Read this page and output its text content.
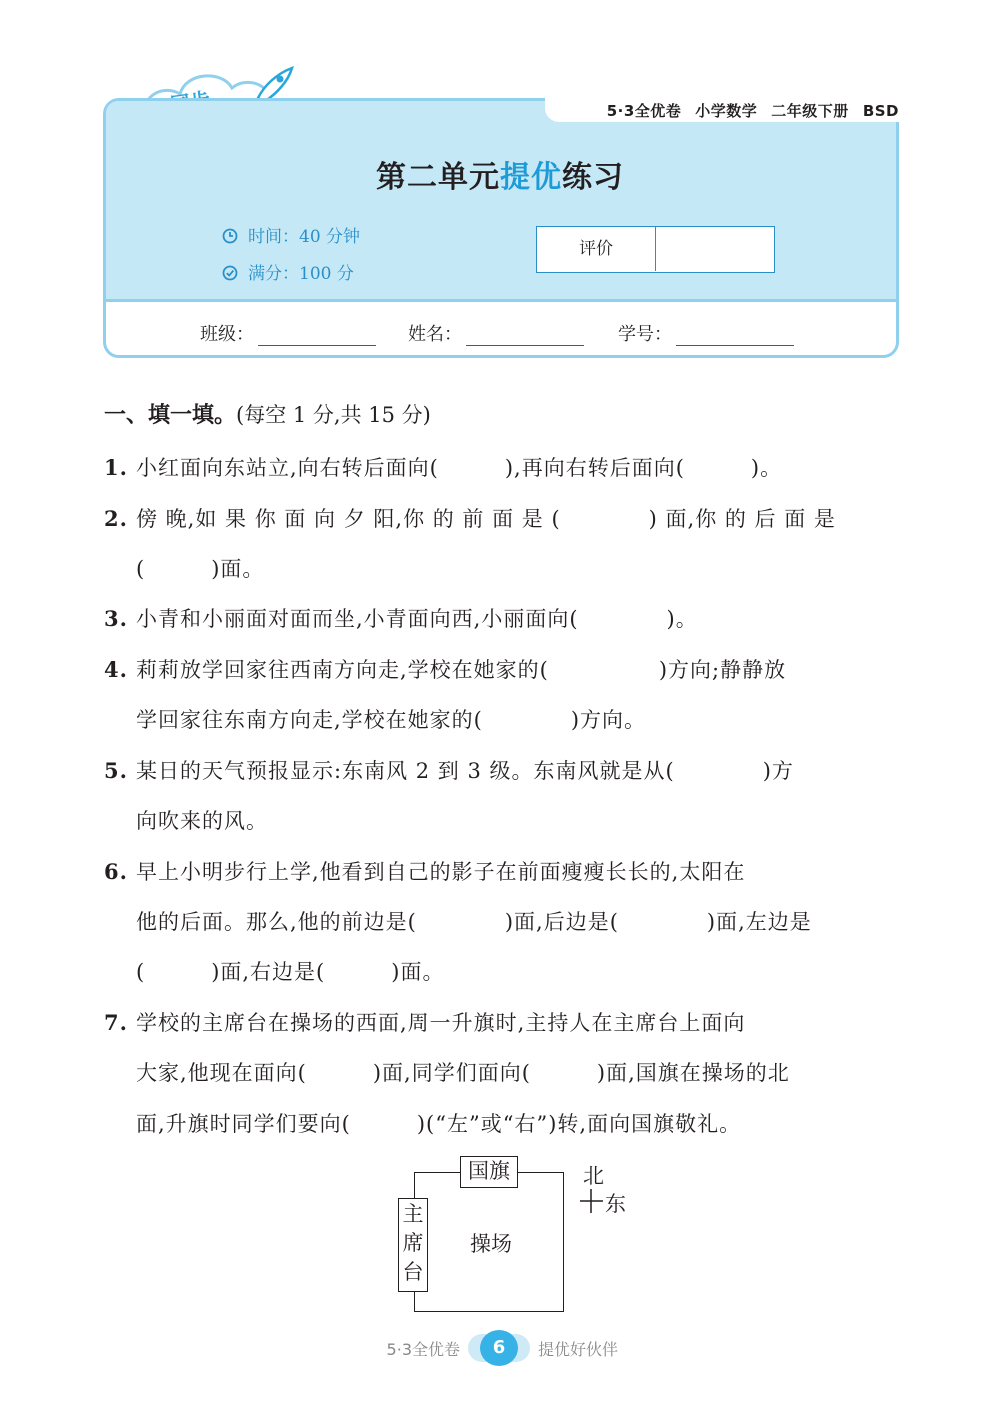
5·3全优卷 小学数学 二年级下册 BSD
第二单元提优练习
时间：40 分钟
满分：100 分
评价
班级：	姓名：	学号：
一、填一填。(每空 1 分,共 15 分)
1. 小红面向东站立,向右转后面向(　　　),再向右转后面向(　　　)。
2. 傍 晚,如 果 你 面 向 夕 阳,你 的 前 面 是 (　　　　) 面,你 的 后 面 是
(　　　)面。
3. 小青和小丽面对面而坐,小青面向西,小丽面向(　　　　)。
4. 莉莉放学回家往西南方向走,学校在她家的(　　　　　)方向;静静放
学回家往东南方向走,学校在她家的(　　　　)方向。
5. 某日的天气预报显示:东南风 2 到 3 级。东南风就是从(　　　　)方
向吹来的风。
6. 早上小明步行上学,他看到自己的影子在前面瘦瘦长长的,太阳在
他的后面。那么,他的前边是(　　　　)面,后边是(　　　　)面,左边是
(　　　)面,右边是(　　　)面。
7. 学校的主席台在操场的西面,周一升旗时,主持人在主席台上面向
大家,他现在面向(　　　)面,同学们面向(　　　)面,国旗在操场的北
面,升旗时同学们要向(　　　)(“左”或“右”)转,面向国旗敬礼。
国旗
主
席
台
操场
北
东
5·3全优卷	6	提优好伙伴
